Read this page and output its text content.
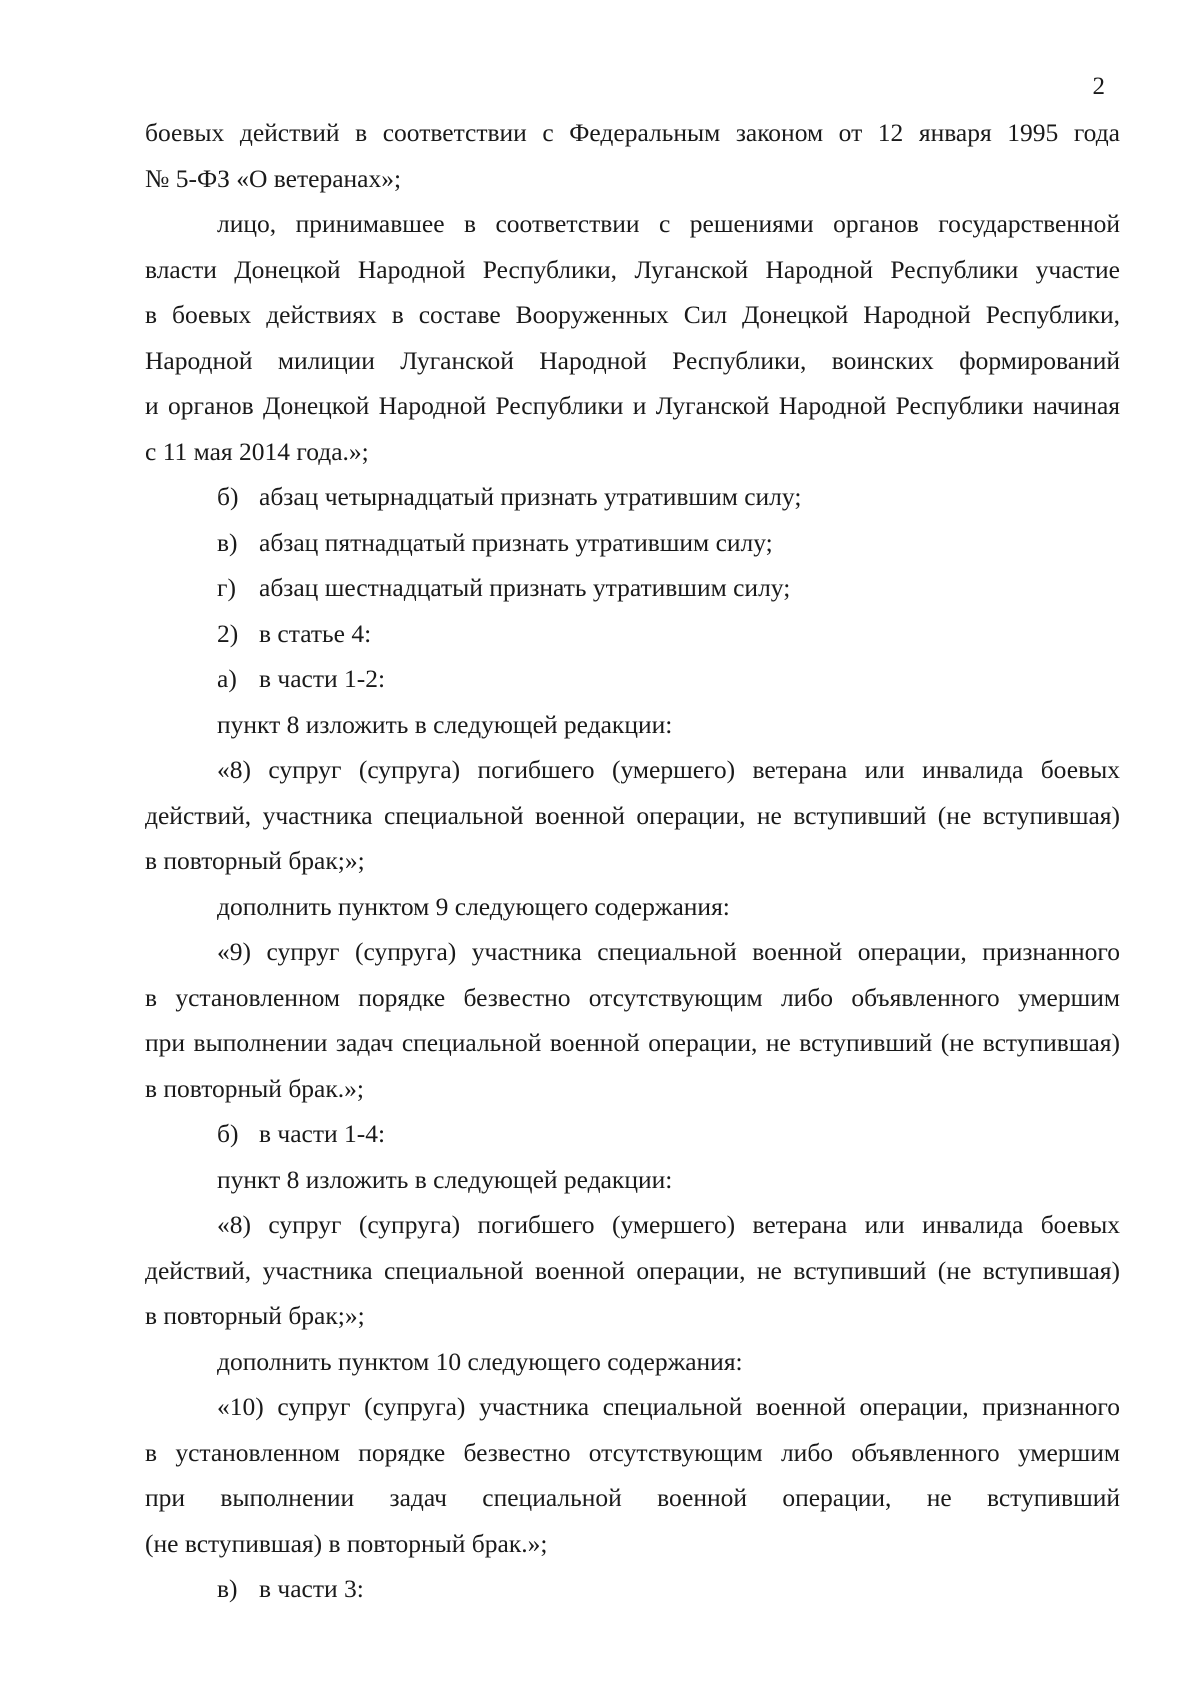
2
боевых действий в соответствии с Федеральным законом от 12 января 1995 года
№ 5-ФЗ «О ветеранах»;
лицо, принимавшее в соответствии с решениями органов государственной
власти Донецкой Народной Республики, Луганской Народной Республики участие
в боевых действиях в составе Вооруженных Сил Донецкой Народной Республики,
Народной милиции Луганской Народной Республики, воинских формирований
и органов Донецкой Народной Республики и Луганской Народной Республики начиная
с 11 мая 2014 года.»;
б) абзац четырнадцатый признать утратившим силу;
в) абзац пятнадцатый признать утратившим силу;
г) абзац шестнадцатый признать утратившим силу;
2) в статье 4:
а) в части 1-2:
пункт 8 изложить в следующей редакции:
«8) супруг (супруга) погибшего (умершего) ветерана или инвалида боевых
действий, участника специальной военной операции, не вступивший (не вступившая)
в повторный брак;»;
дополнить пунктом 9 следующего содержания:
«9) супруг (супруга) участника специальной военной операции, признанного
в установленном порядке безвестно отсутствующим либо объявленного умершим
при выполнении задач специальной военной операции, не вступивший (не вступившая)
в повторный брак.»;
б) в части 1-4:
пункт 8 изложить в следующей редакции:
«8) супруг (супруга) погибшего (умершего) ветерана или инвалида боевых
действий, участника специальной военной операции, не вступивший (не вступившая)
в повторный брак;»;
дополнить пунктом 10 следующего содержания:
«10) супруг (супруга) участника специальной военной операции, признанного
в установленном порядке безвестно отсутствующим либо объявленного умершим
при выполнении задач специальной военной операции, не вступивший
(не вступившая) в повторный брак.»;
в) в части 3:
